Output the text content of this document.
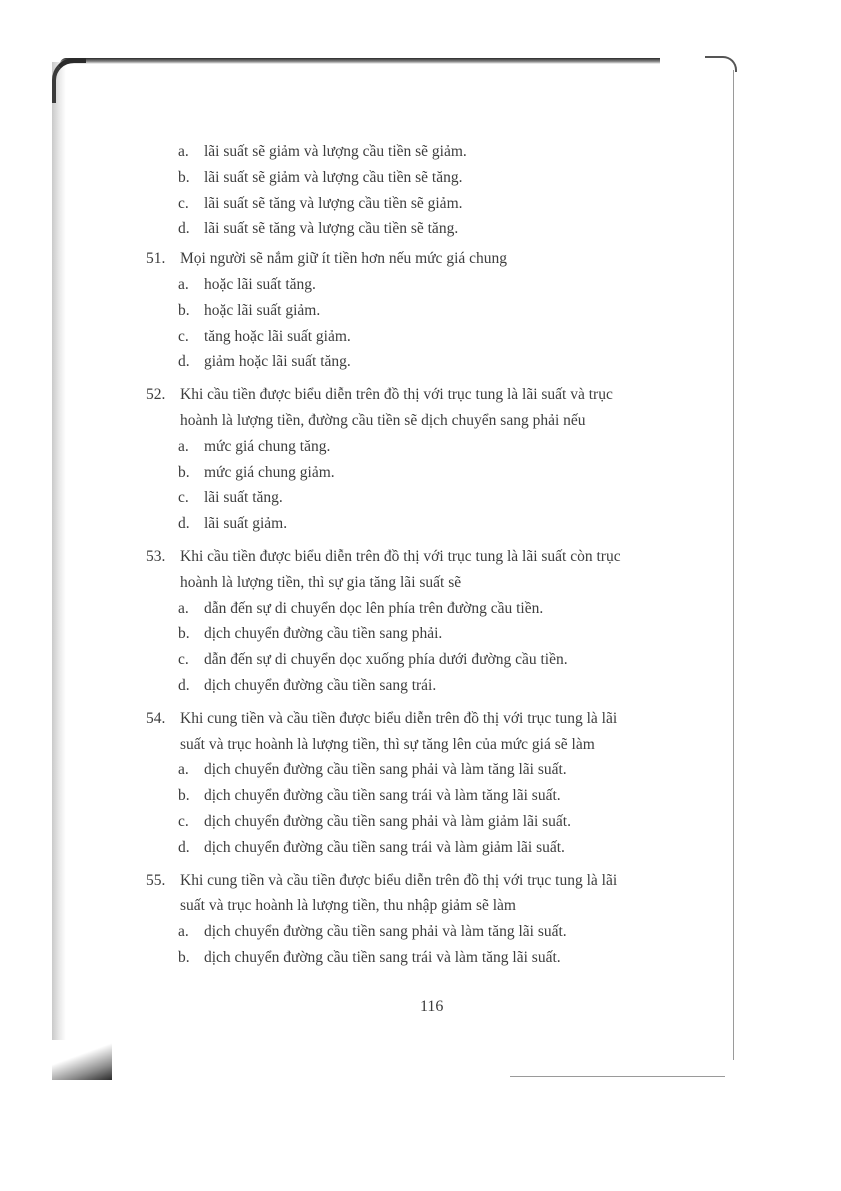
a. lãi suất sẽ giảm và lượng cầu tiền sẽ giảm.
b. lãi suất sẽ giảm và lượng cầu tiền sẽ tăng.
c. lãi suất sẽ tăng và lượng cầu tiền sẽ giảm.
d. lãi suất sẽ tăng và lượng cầu tiền sẽ tăng.
51. Mọi người sẽ nắm giữ ít tiền hơn nếu mức giá chung
a. hoặc lãi suất tăng.
b. hoặc lãi suất giảm.
c. tăng hoặc lãi suất giảm.
d. giảm hoặc lãi suất tăng.
52. Khi cầu tiền được biểu diễn trên đồ thị với trục tung là lãi suất và trục
hoành là lượng tiền, đường cầu tiền sẽ dịch chuyển sang phải nếu
a. mức giá chung tăng.
b. mức giá chung giảm.
c. lãi suất tăng.
d. lãi suất giảm.
53. Khi cầu tiền được biểu diễn trên đồ thị với trục tung là lãi suất còn trục
hoành là lượng tiền, thì sự gia tăng lãi suất sẽ
a. dẫn đến sự di chuyển dọc lên phía trên đường cầu tiền.
b. dịch chuyển đường cầu tiền sang phải.
c. dẫn đến sự di chuyển dọc xuống phía dưới đường cầu tiền.
d. dịch chuyển đường cầu tiền sang trái.
54. Khi cung tiền và cầu tiền được biểu diễn trên đồ thị với trục tung là lãi
suất và trục hoành là lượng tiền, thì sự tăng lên của mức giá sẽ làm
a. dịch chuyển đường cầu tiền sang phải và làm tăng lãi suất.
b. dịch chuyển đường cầu tiền sang trái và làm tăng lãi suất.
c. dịch chuyển đường cầu tiền sang phải và làm giảm lãi suất.
d. dịch chuyển đường cầu tiền sang trái và làm giảm lãi suất.
55. Khi cung tiền và cầu tiền được biểu diễn trên đồ thị với trục tung là lãi
suất và trục hoành là lượng tiền, thu nhập giảm sẽ làm
a. dịch chuyển đường cầu tiền sang phải và làm tăng lãi suất.
b. dịch chuyển đường cầu tiền sang trái và làm tăng lãi suất.
116
